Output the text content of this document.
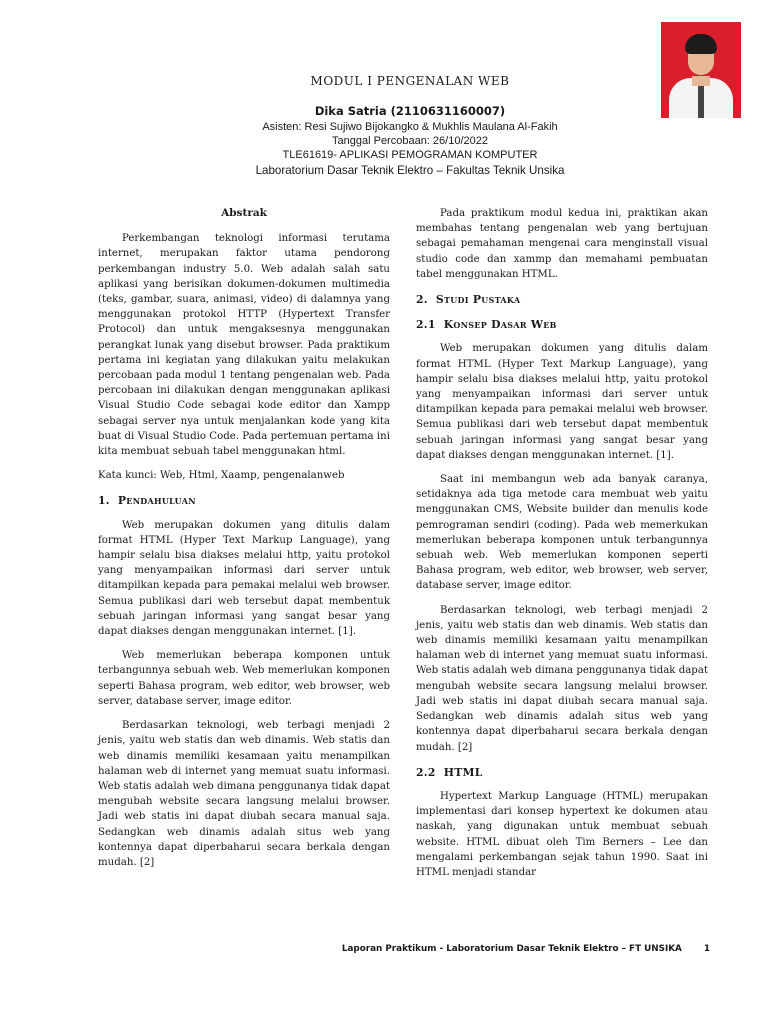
MODUL I PENGENALAN WEB
Dika Satria (2110631160007)
Asisten: Resi Sujiwo Bijokangko & Mukhlis Maulana Al-Fakih
Tanggal Percobaan: 26/10/2022
TLE61619- APLIKASI PEMOGRAMAN KOMPUTER
Laboratorium Dasar Teknik Elektro – Fakultas Teknik Unsika
Abstrak

Perkembangan teknologi informasi terutama internet, merupakan faktor utama pendorong perkembangan industry 5.0. Web adalah salah satu aplikasi yang berisikan dokumen-dokumen multimedia (teks, gambar, suara, animasi, video) di dalamnya yang menggunakan protokol HTTP (Hypertext Transfer Protocol) dan untuk mengaksesnya menggunakan perangkat lunak yang disebut browser. Pada praktikum pertama ini kegiatan yang dilakukan yaitu melakukan percobaan pada modul 1 tentang pengenalan web. Pada percobaan ini dilakukan dengan menggunakan aplikasi Visual Studio Code sebagai kode editor dan Xampp sebagai server nya untuk menjalankan kode yang kita buat di Visual Studio Code. Pada pertemuan pertama ini kita membuat sebuah tabel menggunakan html.

Kata kunci: Web, Html, Xaamp, pengenalanweb

1. Pendahuluan

Web merupakan dokumen yang ditulis dalam format HTML (Hyper Text Markup Language), yang hampir selalu bisa diakses melalui http, yaitu protokol yang menyampaikan informasi dari server untuk ditampilkan kepada para pemakai melalui web browser. Semua publikasi dari web tersebut dapat membentuk sebuah jaringan informasi yang sangat besar yang dapat diakses dengan menggunakan internet. [1].

Web memerlukan beberapa komponen untuk terbangunnya sebuah web. Web memerlukan komponen seperti Bahasa program, web editor, web browser, web server, database server, image editor.

Berdasarkan teknologi, web terbagi menjadi 2 jenis, yaitu web statis dan web dinamis. Web statis dan web dinamis memiliki kesamaan yaitu menampilkan halaman web di internet yang memuat suatu informasi. Web statis adalah web dimana penggunanya tidak dapat mengubah website secara langsung melalui browser. Jadi web statis ini dapat diubah secara manual saja. Sedangkan web dinamis adalah situs web yang kontennya dapat diperbaharui secara berkala dengan mudah. [2]

Pada praktikum modul kedua ini, praktikan akan membahas tentang pengenalan web yang bertujuan sebagai pemahaman mengenai cara menginstall visual studio code dan xammp dan memahami pembuatan tabel menggunakan HTML.

2. Studi Pustaka
2.1 Konsep Dasar Web

Web merupakan dokumen yang ditulis dalam format HTML (Hyper Text Markup Language), yang hampir selalu bisa diakses melalui http, yaitu protokol yang menyampaikan informasi dari server untuk ditampilkan kepada para pemakai melalui web browser. Semua publikasi dari web tersebut dapat membentuk sebuah jaringan informasi yang sangat besar yang dapat diakses dengan menggunakan internet. [1].

Saat ini membangun web ada banyak caranya, setidaknya ada tiga metode cara membuat web yaitu menggunakan CMS, Website builder dan menulis kode pemrograman sendiri (coding). Pada web memerkukan memerlukan beberapa komponen untuk terbangunnya sebuah web. Web memerlukan komponen seperti Bahasa program, web editor, web browser, web server, database server, image editor.

Berdasarkan teknologi, web terbagi menjadi 2 jenis, yaitu web statis dan web dinamis. Web statis dan web dinamis memiliki kesamaan yaitu menampilkan halaman web di internet yang memuat suatu informasi. Web statis adalah web dimana penggunanya tidak dapat mengubah website secara langsung melalui browser. Jadi web statis ini dapat diubah secara manual saja. Sedangkan web dinamis adalah situs web yang kontennya dapat diperbaharui secara berkala dengan mudah. [2]

2.2 HTML

Hypertext Markup Language (HTML) merupakan implementasi dari konsep hypertext ke dokumen atau naskah, yang digunakan untuk membuat sebuah website. HTML dibuat oleh Tim Berners – Lee dan mengalami perkembangan sejak tahun 1990. Saat ini HTML menjadi standar

Laporan Praktikum - Laboratorium Dasar Teknik Elektro – FT UNSIKA	1
